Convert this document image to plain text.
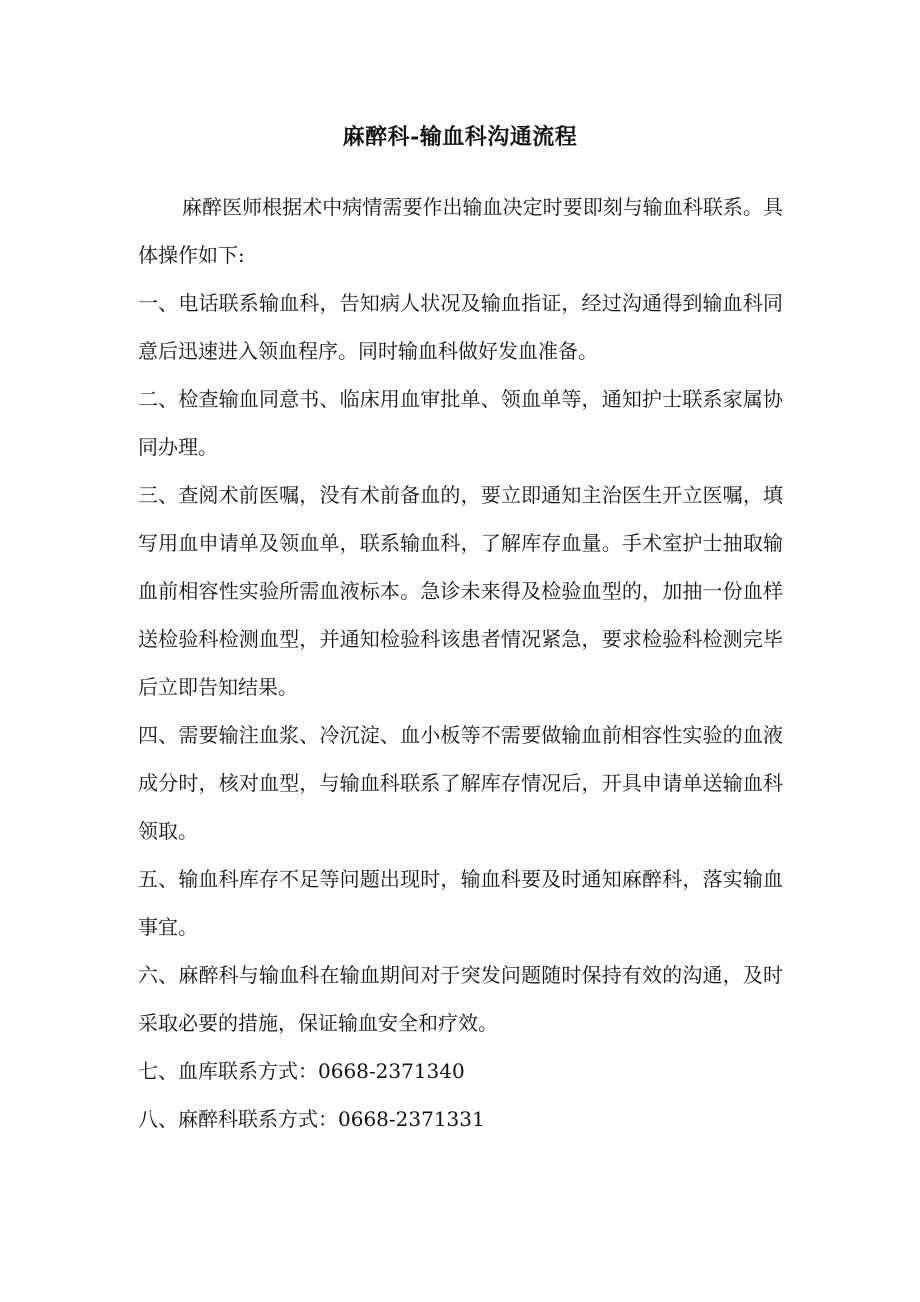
麻醉科-输血科沟通流程

麻醉医师根据术中病情需要作出输血决定时要即刻与输血科联系。具体操作如下:

一、电话联系输血科，告知病人状况及输血指证，经过沟通得到输血科同意后迅速进入领血程序。同时输血科做好发血准备。

二、检查输血同意书、临床用血审批单、领血单等，通知护士联系家属协同办理。

三、查阅术前医嘱，没有术前备血的，要立即通知主治医生开立医嘱，填写用血申请单及领血单，联系输血科，了解库存血量。手术室护士抽取输血前相容性实验所需血液标本。急诊未来得及检验血型的，加抽一份血样送检验科检测血型，并通知检验科该患者情况紧急，要求检验科检测完毕后立即告知结果。

四、需要输注血浆、冷沉淀、血小板等不需要做输血前相容性实验的血液成分时，核对血型，与输血科联系了解库存情况后，开具申请单送输血科领取。

五、输血科库存不足等问题出现时，输血科要及时通知麻醉科，落实输血事宜。

六、麻醉科与输血科在输血期间对于突发问题随时保持有效的沟通，及时采取必要的措施，保证输血安全和疗效。

七、血库联系方式：0668-2371340

八、麻醉科联系方式：0668-2371331
